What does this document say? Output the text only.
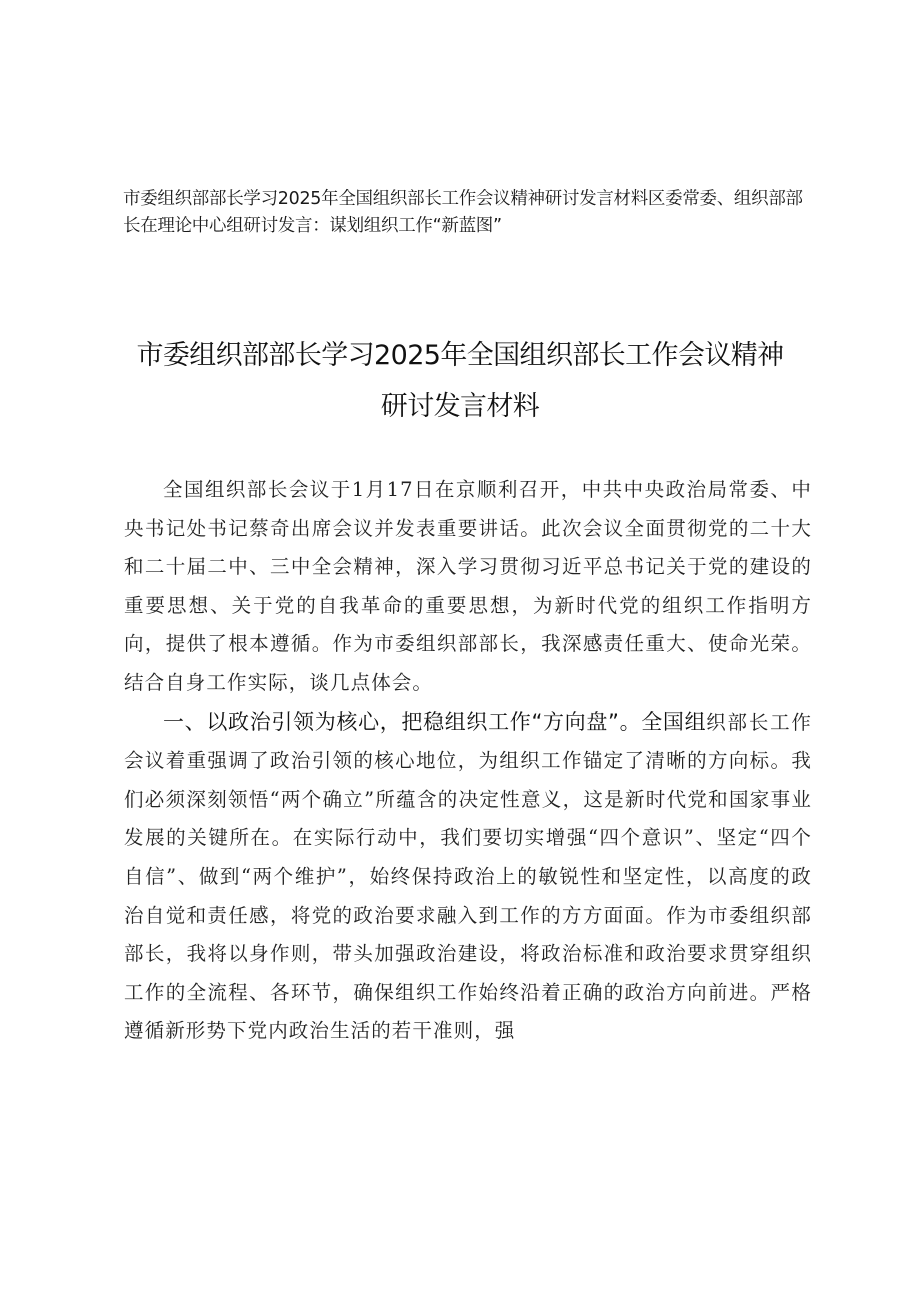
市委组织部部长学习2025年全国组织部长工作会议精神研讨发言材料区委常委、组织部部长在理论中心组研讨发言：谋划组织工作“新蓝图”
市委组织部部长学习2025年全国组织部长工作会议精神
研讨发言材料

全国组织部长会议于1月17日在京顺利召开，中共中央政治局常委、中央书记处书记蔡奇出席会议并发表重要讲话。此次会议全面贯彻党的二十大和二十届二中、三中全会精神，深入学习贯彻习近平总书记关于党的建设的重要思想、关于党的自我革命的重要思想，为新时代党的组织工作指明方向，提供了根本遵循。作为市委组织部部长，我深感责任重大、使命光荣。结合自身工作实际，谈几点体会。

一、以政治引领为核心，把稳组织工作“方向盘”。全国组织部长工作会议着重强调了政治引领的核心地位，为组织工作锚定了清晰的方向标。我们必须深刻领悟“两个确立”所蕴含的决定性意义，这是新时代党和国家事业发展的关键所在。在实际行动中，我们要切实增强“四个意识”、坚定“四个自信”、做到“两个维护”，始终保持政治上的敏锐性和坚定性，以高度的政治自觉和责任感，将党的政治要求融入到工作的方方面面。作为市委组织部部长，我将以身作则，带头加强政治建设，将政治标准和政治要求贯穿组织工作的全流程、各环节，确保组织工作始终沿着正确的政治方向前进。严格遵循新形势下党内政治生活的若干准则，强
